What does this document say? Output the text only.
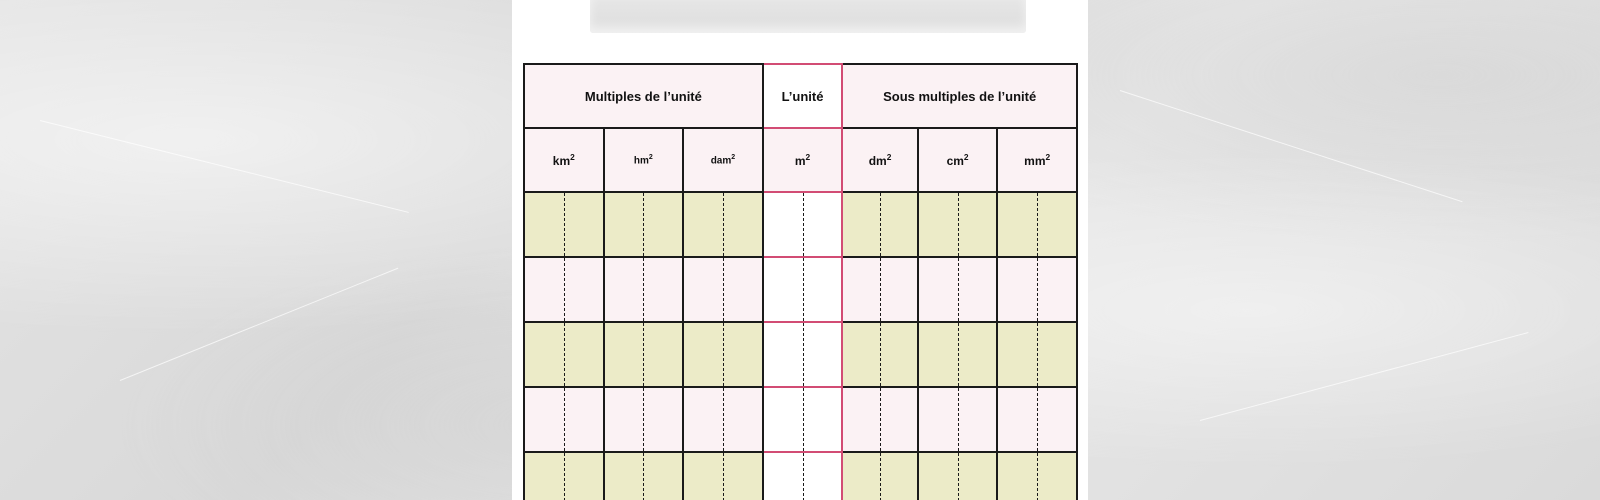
Multiples de l’unité			L’unité	Sous multiples de l’unité		
$km^2$	$hm^2$	dam$^2$	$m^2$	$dm^2$	$cm^2$	$mm^2$
